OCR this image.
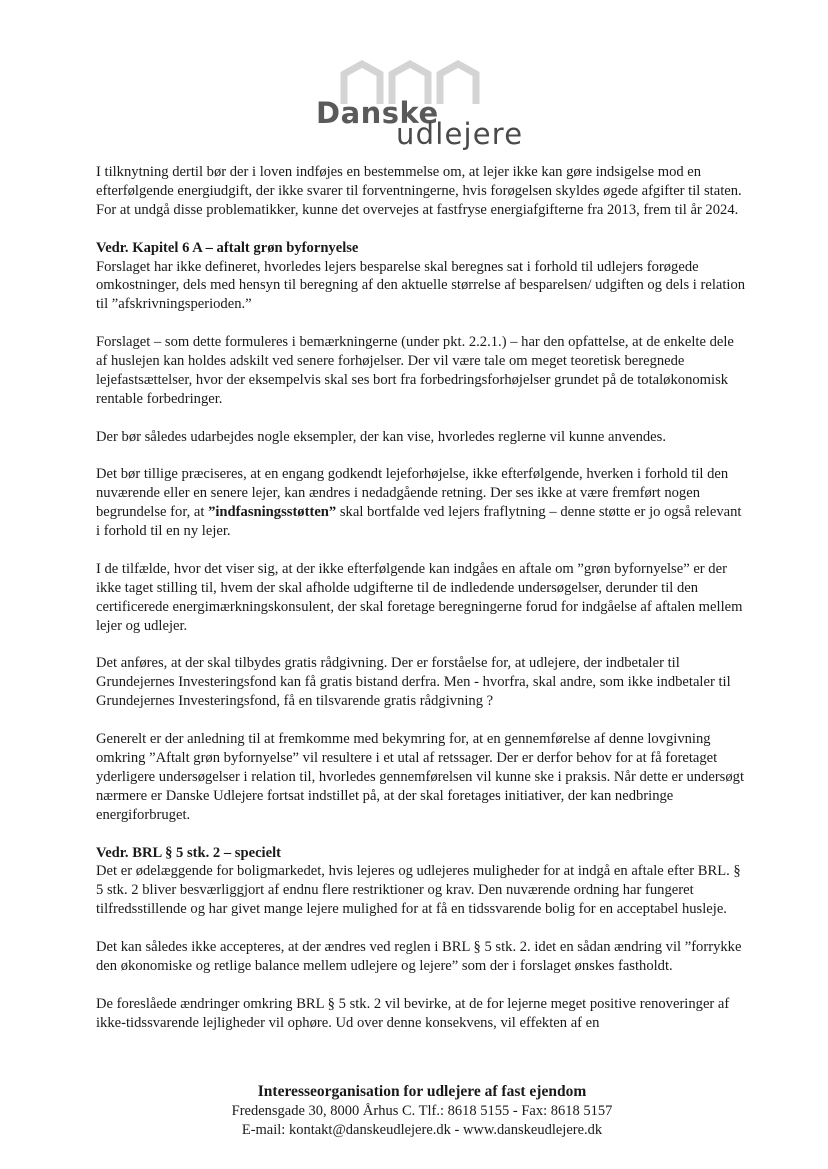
Danske
udlejere

I tilknytning dertil bør der i loven indføjes en bestemmelse om, at lejer ikke kan gøre indsigelse mod en efterfølgende energiudgift, der ikke svarer til forventningerne, hvis forøgelsen skyldes øgede afgifter til staten. For at undgå disse problematikker, kunne det overvejes at fastfryse energiafgifterne fra 2013, frem til år 2024.

Vedr. Kapitel 6 A – aftalt grøn byfornyelse

Forslaget har ikke defineret, hvorledes lejers besparelse skal beregnes sat i forhold til udlejers forøgede omkostninger, dels med hensyn til beregning af den aktuelle størrelse af besparelsen/ udgiften og dels i relation til ”afskrivningsperioden.”

Forslaget – som dette formuleres i bemærkningerne (under pkt. 2.2.1.) – har den opfattelse, at de enkelte dele af huslejen kan holdes adskilt ved senere forhøjelser. Der vil være tale om meget teoretisk beregnede lejefastsættelser, hvor der eksempelvis skal ses bort fra forbedringsforhøjelser grundet på de totaløkonomisk rentable forbedringer.

Der bør således udarbejdes nogle eksempler, der kan vise, hvorledes reglerne vil kunne anvendes.

Det bør tillige præciseres, at en engang godkendt lejeforhøjelse, ikke efterfølgende, hverken i forhold til den nuværende eller en senere lejer, kan ændres i nedadgående retning. Der ses ikke at være fremført nogen begrundelse for, at ”indfasningsstøtten” skal bortfalde ved lejers fraflytning – denne støtte er jo også relevant i forhold til en ny lejer.

I de tilfælde, hvor det viser sig, at der ikke efterfølgende kan indgåes en aftale om ”grøn byfornyelse” er der ikke taget stilling til, hvem der skal afholde udgifterne til de indledende undersøgelser, derunder til den certificerede energimærkningskonsulent, der skal foretage beregningerne forud for indgåelse af aftalen mellem lejer og udlejer.

Det anføres, at der skal tilbydes gratis rådgivning. Der er forståelse for, at udlejere, der indbetaler til Grundejernes Investeringsfond kan få gratis bistand derfra. Men - hvorfra, skal andre, som ikke indbetaler til Grundejernes Investeringsfond, få en tilsvarende gratis rådgivning ?

Generelt er der anledning til at fremkomme med bekymring for, at en gennemførelse af denne lovgivning omkring ”Aftalt grøn byfornyelse” vil resultere i et utal af retssager. Der er derfor behov for at få foretaget yderligere undersøgelser i relation til, hvorledes gennemførelsen vil kunne ske i praksis. Når dette er undersøgt nærmere er Danske Udlejere fortsat indstillet på, at der skal foretages initiativer, der kan nedbringe energiforbruget.

Vedr. BRL § 5 stk. 2 – specielt

Det er ødelæggende for boligmarkedet, hvis lejeres og udlejeres muligheder for at indgå en aftale efter BRL. § 5 stk. 2 bliver besværliggjort af endnu flere restriktioner og krav. Den nuværende ordning har fungeret tilfredsstillende og har givet mange lejere mulighed for at få en tidssvarende bolig for en acceptabel husleje.

Det kan således ikke accepteres, at der ændres ved reglen i BRL § 5 stk. 2. idet en sådan ændring vil ”forrykke den økonomiske og retlige balance mellem udlejere og lejere” som der i forslaget ønskes fastholdt.

De foreslåede ændringer omkring BRL § 5 stk. 2 vil bevirke, at de for lejerne meget positive renoveringer af ikke-tidssvarende lejligheder vil ophøre. Ud over denne konsekvens, vil effekten af en

Interesseorganisation for udlejere af fast ejendom
Fredensgade 30, 8000 Århus C. Tlf.: 8618 5155 - Fax: 8618 5157
E-mail: kontakt@danskeudlejere.dk - www.danskeudlejere.dk
